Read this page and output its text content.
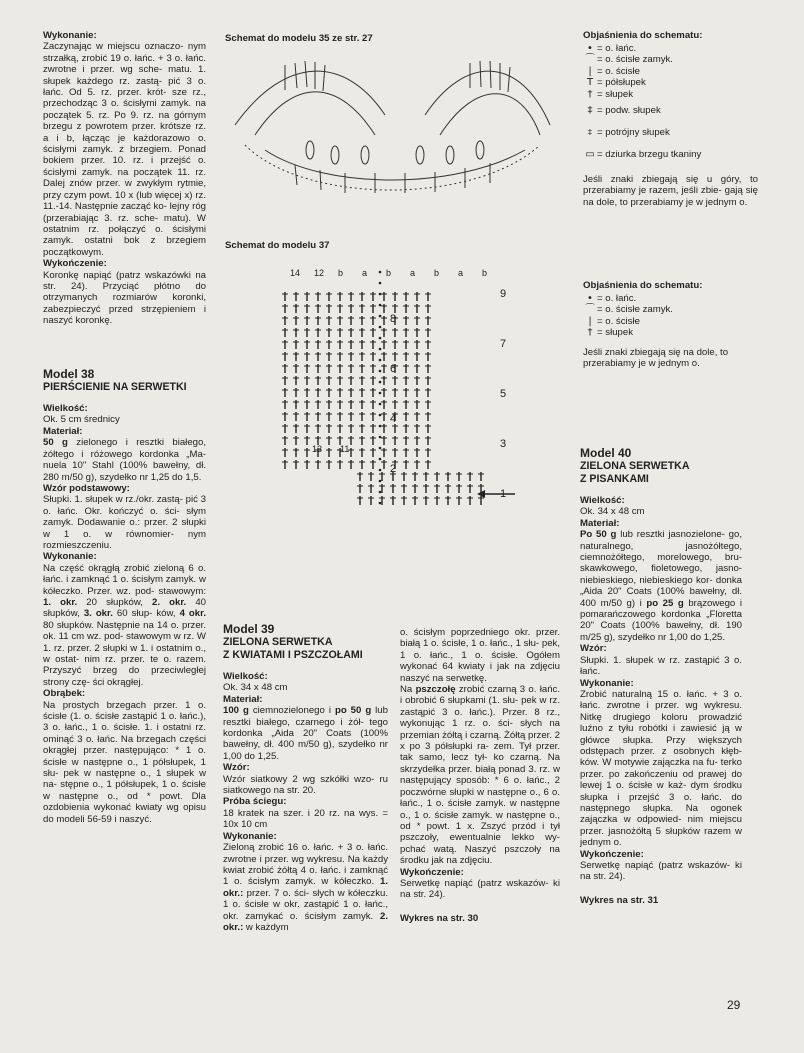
Wykonanie:

Zaczynając w miejscu oznaczo- nym strzałką, zrobić 19 o. łańc. + 3 o. łańc. zwrotne i przer. wg sche- matu. 1. słupek każdego rz. zastą- pić 3 o. łańc. Od 5. rz. przer. krót- sze rz., przechodząc 3 o. ścisłymi zamyk. na początek 5. rz. Po 9. rz. na górnym brzegu z powrotem przer. krótsze rz. a i b, łącząc je każdorazowo o. ścisłymi zamyk. z brzegiem. Ponad bokiem przer. 10. rz. i przejść o. ścisłymi zamyk. na początek 11. rz. Dalej znów przer. w zwykłym rytmie, przy czym powt. 10 x (lub więcej x) rz. 11.-14. Następnie zacząć ko- lejny róg (przerabiając 3. rz. sche- matu). W ostatnim rz. połączyć o. ścisłymi zamyk. ostatni bok z brzegiem początkowym.

Wykończenie:

Koronkę napiąć (patrz wskazówki na str. 24). Przyciąć płótno do otrzymanych rozmiarów koronki, zabezpieczyć przed strzępieniem i naszyć koronkę.

Model 38

PIERŚCIENIE NA SERWETKI

Wielkość:

Ok. 5 cm średnicy

Materiał:

50 g zielonego i resztki białego, żółtego i różowego kordonka „Ma- nuela 10" Stahl (100% bawełny, dł. 280 m/50 g), szydełko nr 1,25 do 1,5.

Wzór podstawowy:

Słupki. 1. słupek w rz./okr. zastą- pić 3 o. łańc. Okr. kończyć o. ści- słym zamyk. Dodawanie o.: przer. 2 słupki w 1 o. w równomier- nym rozmieszczeniu.

Wykonanie:

Na część okrągłą zrobić zieloną 6 o. łańc. i zamknąć 1 o. ścisłym zamyk. w kółeczko. Przer. wz. pod- stawowym: 1. okr. 20 słupków, 2. okr. 40 słupków, 3. okr. 60 słup- ków, 4 okr. 80 słupków. Następnie na 14 o. przer. ok. 11 cm wz. pod- stawowym w rz. W 1. rz. przer. 2 słupki w 1. i ostatnim o., w ostat- nim rz. przer. te o. razem. Przyszyć brzeg do przeciwległej strony czę- ści okrągłej.

Obrąbek:

Na prostych brzegach przer. 1 o. ścisłe (1. o. ścisłe zastąpić 1 o. łańc.), 3 o. łańc., 1 o. ścisłe. 1. i ostatni rz. ominąć 3 o. łańc. Na brzegach części okrągłej przer. następująco: * 1 o. ścisłe w następne o., 1 półsłupek, 1 słu- pek w następne o., 1 słupek w na- stępne o., 1 półsłupek, 1 o. ścisłe w następne o., od * powt. Dla ozdobienia wykonać kwiaty wg opisu do modeli 56-59 i naszyć.

Schemat do modelu 35 ze str. 27
Schemat do modelu 37
1
2
3
4
5
6
7
8
9
14 12 b a b a b a b
13 11

Objaśnienia do schematu:

• = o. łańc.
⌒ = o. ścisłe zamyk.
| = o. ścisłe
T = półsłupek
† = słupek
‡ = podw. słupek
⧧ = potrójny słupek
▭ = dziurka brzegu tkaniny

Jeśli znaki zbiegają się u góry, to przerabiamy je razem, jeśli zbie- gają się na dole, to przerabiamy je w jednym o.

Objaśnienia do schematu:

• = o. łańc.
⌒ = o. ścisłe zamyk.
| = o. ścisłe
† = słupek

Jeśli znaki zbiegają się na dole, to przerabiamy je w jednym o.

Model 39

ZIELONA SERWETKA

Z KWIATAMI I PSZCZOŁAMI

Wielkość:

Ok. 34 x 48 cm

Materiał:

100 g ciemnozielonego i po 50 g lub resztki białego, czarnego i żół- tego kordonka „Aida 20" Coats (100% bawełny, dł. 400 m/50 g), szydełko nr 1,00 do 1,25.

Wzór:

Wzór siatkowy 2 wg szkółki wzo- ru siatkowego na str. 20.

Próba ściegu:

18 kratek na szer. i 20 rz. na wys. = 10x 10 cm

Wykonanie:

Zieloną zrobić 16 o. łańc. + 3 o. łańc. zwrotne i przer. wg wykresu. Na każdy kwiat zrobić żółtą 4 o. łańc. i zamknąć 1 o. ścisłym zamyk. w kółeczko. 1. okr.: przer. 7 o. ści- słych w kółeczku. 1 o. ścisłe w okr. zastąpić 1 o. łańc., okr. zamykać o. ścisłym zamyk. 2. okr.: w każdym

o. ścisłym poprzedniego okr. przer. białą 1 o. ścisłe, 1 o. łańc., 1 słu- pek, 1 o. łańc., 1 o. ścisłe. Ogółem wykonać 64 kwiaty i jak na zdjęciu naszyć na serwetkę.

Na pszczołę zrobić czarną 3 o. łańc. i obrobić 6 słupkami (1. słu- pek w rz. zastąpić 3 o. łańc.). Przer. 8 rz., wykonując 1 rz. o. ści- słych na przemian żółtą i czarną. Żółtą przer. 2 x po 3 półsłupki ra- zem. Tył przer. tak samo, lecz tył- ko czarną. Na skrzydełka przer. białą ponad 3. rz. w następujący sposób: * 6 o. łańc., 2 poczwórne słupki w następne o., 6 o. łańc., 1 o. ścisłe zamyk. w następne o., 1 o. ścisłe zamyk. w następne o., od * powt. 1 x. Zszyć przód i tył pszczoły, ewentualnie lekko wy- pchać watą. Naszyć pszczoły na środku jak na zdjęciu.

Wykończenie:

Serwetkę napiąć (patrz wskazów- ki na str. 24).

Wykres na str. 30

Model 40

ZIELONA SERWETKA

Z PISANKAMI

Wielkość:

Ok. 34 x 48 cm

Materiał:

Po 50 g lub resztki jasnozielone- go, naturalnego, jasnożółtego, ciemnożółtego, morelowego, bru- skawkowego, fioletowego, jasno- niebieskiego, niebieskiego kor- donka „Aida 20" Coats (100% bawełny, dł. 400 m/50 g) i po 25 g brązowego i pomarańczowego kordonka „Floretta 20" Coats (100% bawełny, dł. 190 m/25 g), szydełko nr 1,00 do 1,25.

Wzór:

Słupki. 1. słupek w rz. zastąpić 3 o. łańc.

Wykonanie:

Zrobić naturalną 15 o. łańc. + 3 o. łańc. zwrotne i przer. wg wykresu. Nitkę drugiego koloru prowadzić luźno z tyłu robótki i zawiesić ją w główce słupka. Przy większych odstępach przer. z osobnych kłęb- ków. W motywie zajączka na fu- terko przer. po zakończeniu od prawej do lewej 1 o. ścisłe w każ- dym środku słupka i przejść 3 o. łańc. do następnego słupka. Na ogonek zajączka w odpowied- nim miejscu przer. jasnożółtą 5 słupków razem w jednym o.

Wykończenie:

Serwetkę napiąć (patrz wskazów- ki na str. 24).

Wykres na str. 31

29
